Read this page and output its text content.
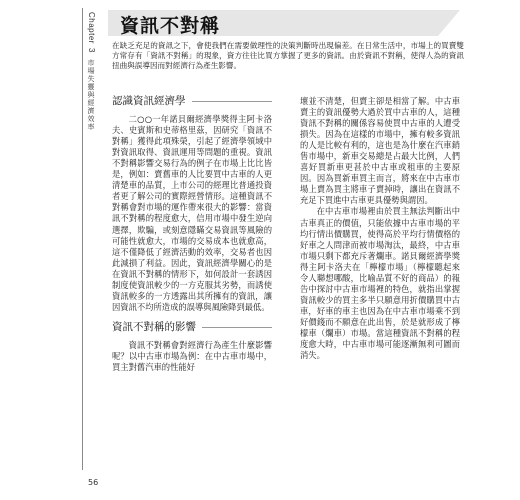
Chapter 3 市場失靈與經濟效率
資訊不對稱

在缺乏充足的資訊之下，會使我們在需要做理性的決策判斷時出現偏差。在日常生活中，市場上的買賣雙方常存有「資訊不對稱」的現象，資方往往比買方掌握了更多的資訊。由於資訊不對稱，使得人為的資訊扭曲與誤導因而對經濟行為產生影響。

認識資訊經濟學

二○○一年諾貝爾經濟學獎得主阿卡洛夫、史賓斯和史蒂格里茲，因研究「資訊不對稱」獲得此項殊榮，引起了經濟學領域中對資訊取得、資訊運用等問題的重視。資訊不對稱影響交易行為的例子在市場上比比皆是，例如：賣舊車的人比要買中古車的人更清楚車的品質，上市公司的經理比普通投資者更了解公司的實際經營情形。這種資訊不對稱會對市場的運作帶來很大的影響：當資訊不對稱的程度愈大，信用市場中發生逆向選擇，欺騙，或刻意隱瞞交易資訊等風險的可能性就愈大，市場的交易成本也就愈高，這不僅降低了經濟活動的效率，交易者也因此減損了利益。因此，資訊經濟學關心的是在資訊不對稱的情形下，如何設計一套誘因制度使資訊較少的一方克服其劣勢，而誘使資訊較多的一方透露出其所擁有的資訊，讓因資訊不均所造成的誤導與風險降到最低。

資訊不對稱的影響

資訊不對稱會對經濟行為產生什麼影響呢？以中古車市場為例：在中古車市場中，買主對舊汽車的性能好

壞並不清楚，但賣主卻是相當了解。中古車賣主的資訊優勢大過於買中古車的人，這種資訊不對稱的關係容易使買中古車的人遭受損失。因為在這樣的市場中，擁有較多資訊的人是比較有利的，這也是為什麼在汽車銷售市場中，新車交易總是占最大比例，人們喜好買新車更甚於中古車或租車的主要原因。因為買新車買主而言，將來在中古車市場上賣為買主將車子賣掉時，讓出在資訊不充足下買進中古車更具優勢與謂因。

在中古車市場裡由於買主無法判斷出中古車真正的價值，只能依據中古車市場的平均行情出價購買，使得高於平均行情價格的好車之人問津而被市場淘汰，最終，中古車市場只剩下都充斥著爛車。諾貝爾經濟學獎得主阿卡洛夫在「檸檬市場」（檸檬聽起來令人聯想哪酸，比喻品質不好的商品）的報告中探討中古車市場裡的特色，就指出掌握資訊較少的買主多半只願意用折價購買中古車，好車的車主也因為在中古車市場乘不到好價錢而不願意在此出售，於是就形成了檸檬車（爛車）市場。當這種資訊不對稱的程度愈大時，中古車市場可能逐漸無利可圖而消失。

56
